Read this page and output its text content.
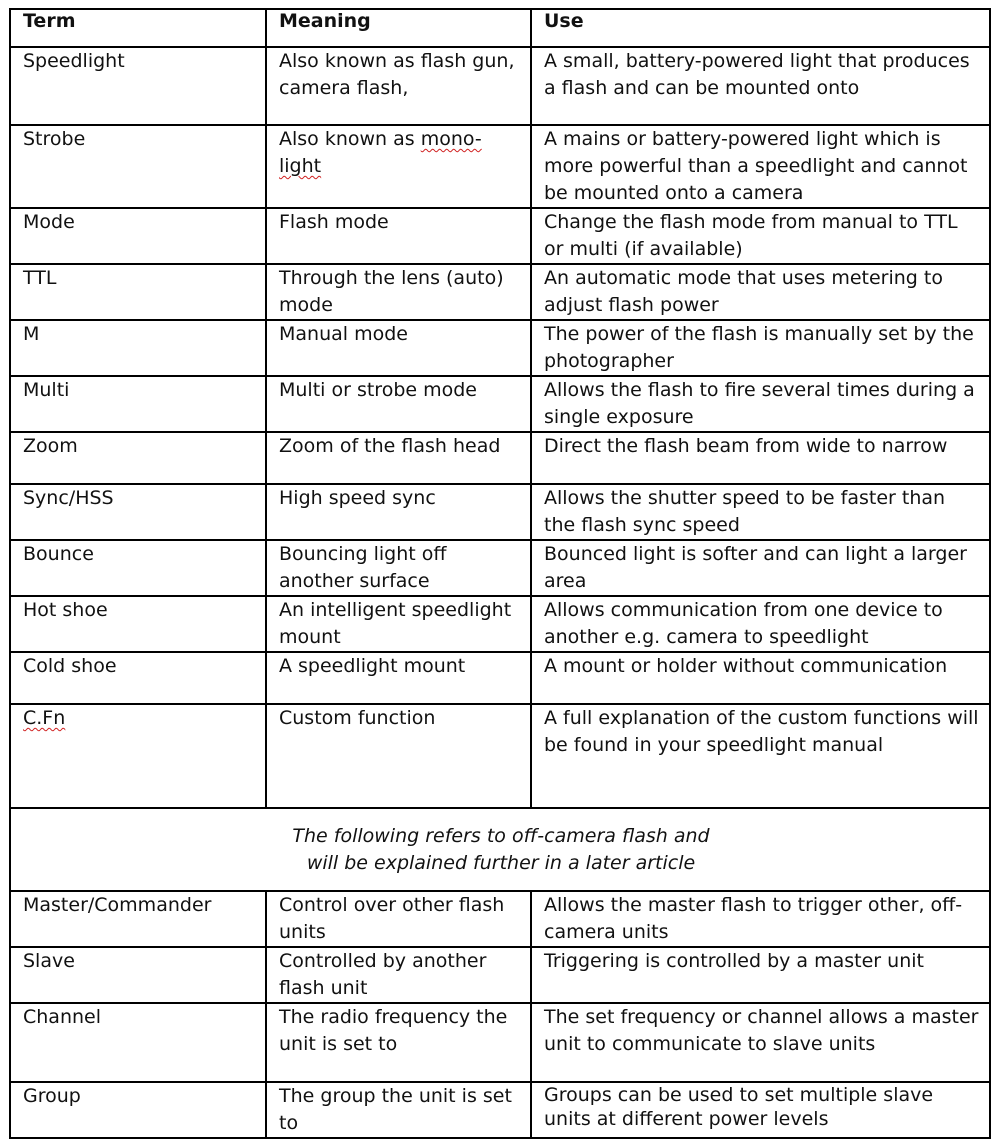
Term	Meaning	Use
Speedlight	Also known as flash gun, camera flash,	A small, battery-powered light that produces a flash and can be mounted onto
Strobe	Also known as mono-light	A mains or battery-powered light which is more powerful than a speedlight and cannot be mounted onto a camera
Mode	Flash mode	Change the flash mode from manual to TTL or multi (if available)
TTL	Through the lens (auto) mode	An automatic mode that uses metering to adjust flash power
M	Manual mode	The power of the flash is manually set by the photographer
Multi	Multi or strobe mode	Allows the flash to fire several times during a single exposure
Zoom	Zoom of the flash head	Direct the flash beam from wide to narrow
Sync/HSS	High speed sync	Allows the shutter speed to be faster than the flash sync speed
Bounce	Bouncing light off another surface	Bounced light is softer and can light a larger area
Hot shoe	An intelligent speedlight mount	Allows communication from one device to another e.g. camera to speedlight
Cold shoe	A speedlight mount	A mount or holder without communication
C.Fn	Custom function	A full explanation of the custom functions will be found in your speedlight manual

The following refers to off-camera flash and
will be explained further in a later article		

Master/Commander	Control over other flash units	Allows the master flash to trigger other, off-camera units
Slave	Controlled by another flash unit	Triggering is controlled by a master unit
Channel	The radio frequency the unit is set to	The set frequency or channel allows a master unit to communicate to slave units
Group	The group the unit is set to	Groups can be used to set multiple slave units at different power levels
